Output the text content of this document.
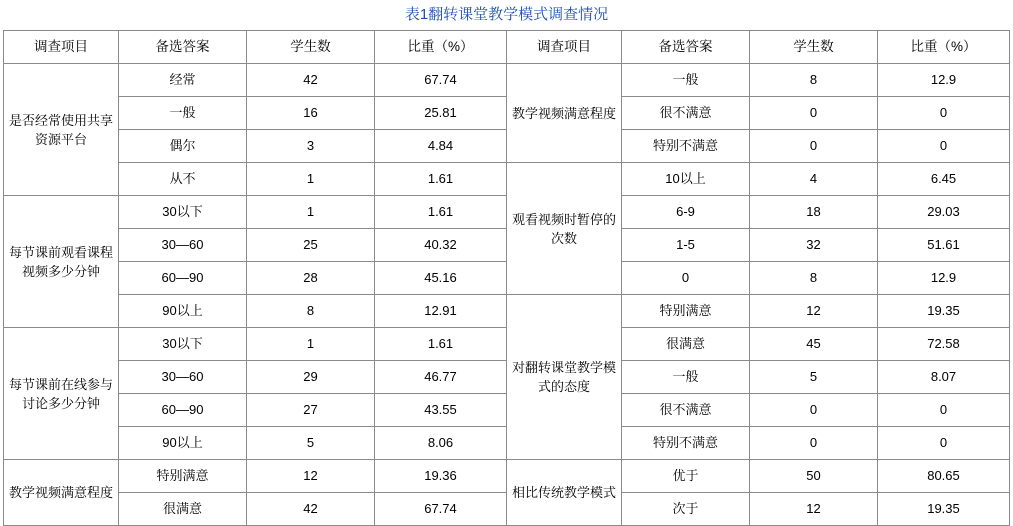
表1翻转课堂教学模式调查情况
调查项目	备选答案	学生数	比重（%）	调查项目	备选答案	学生数	比重（%）
是否经常使用共享资源平台	经常	42	67.74	教学视频满意程度	一般	8	12.9
	一般	16	25.81		很不满意	0	0
	偶尔	3	4.84		特别不满意	0	0
	从不	1	1.61	观看视频时暂停的次数	10以上	4	6.45
每节课前观看课程视频多少分钟	30以下	1	1.61		6-9	18	29.03
	30—60	25	40.32		1-5	32	51.61
	60—90	28	45.16		0	8	12.9
	90以上	8	12.91	对翻转课堂教学模式的态度	特别满意	12	19.35
每节课前在线参与讨论多少分钟	30以下	1	1.61		很满意	45	72.58
	30—60	29	46.77		一般	5	8.07
	60—90	27	43.55		很不满意	0	0
	90以上	5	8.06		特别不满意	0	0
教学视频满意程度	特别满意	12	19.36	相比传统教学模式	优于	50	80.65
	很满意	42	67.74		次于	12	19.35
